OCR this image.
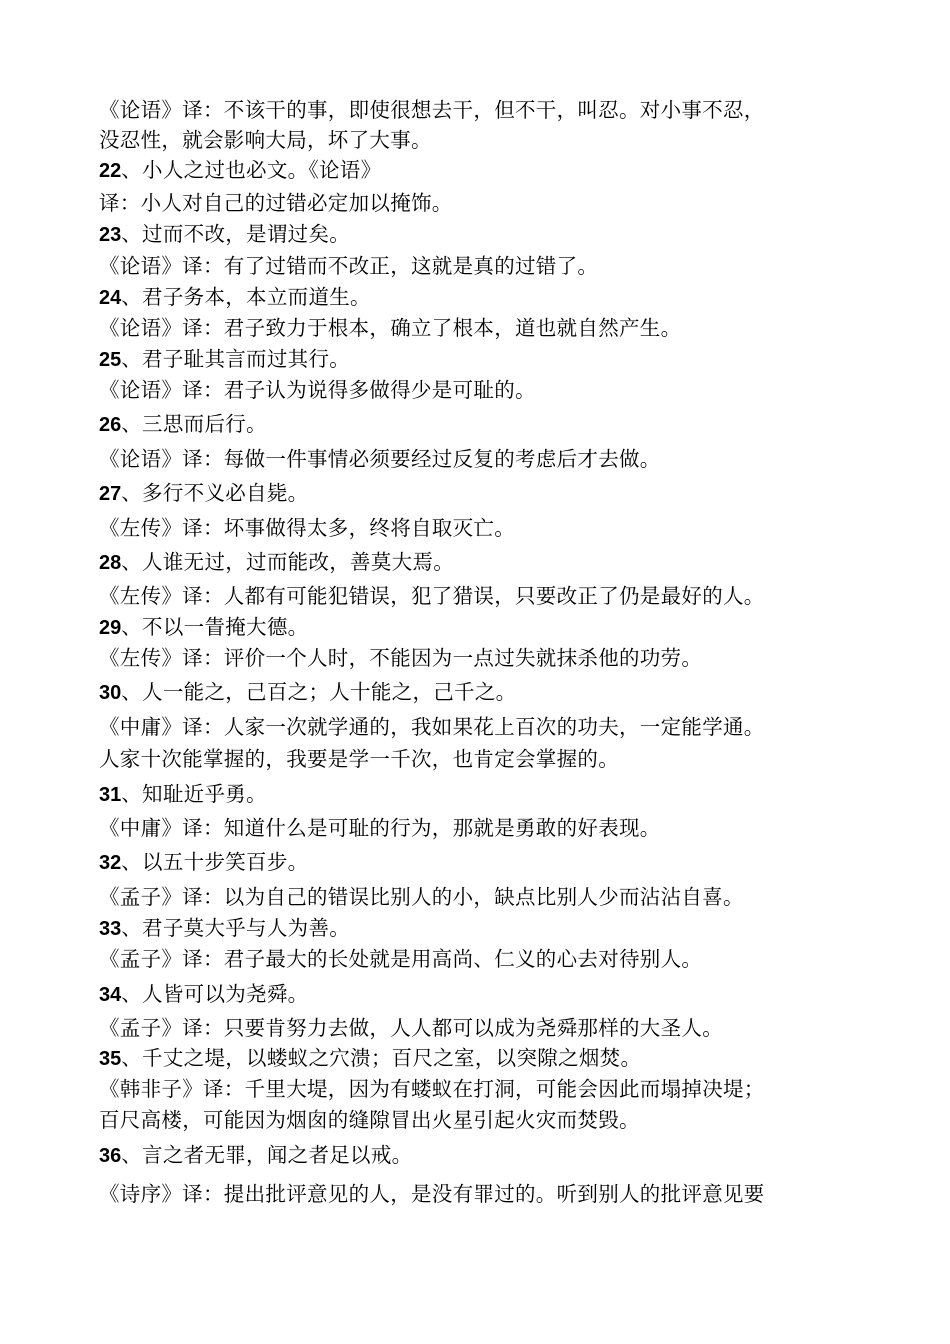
《论语》译：不该干的事，即使很想去干，但不干，叫忍。对小事不忍，
没忍性，就会影响大局，坏了大事。
22、小人之过也必文。《论语》
译：小人对自己的过错必定加以掩饰。
23、过而不改，是谓过矣。
《论语》译：有了过错而不改正，这就是真的过错了。
24、君子务本，本立而道生。
《论语》译：君子致力于根本，确立了根本，道也就自然产生。
25、君子耻其言而过其行。
《论语》译：君子认为说得多做得少是可耻的。
26、三思而后行。
《论语》译：每做一件事情必须要经过反复的考虑后才去做。
27、多行不义必自毙。
《左传》译：坏事做得太多，终将自取灭亡。
28、人谁无过，过而能改，善莫大焉。
《左传》译：人都有可能犯错误，犯了猎误，只要改正了仍是最好的人。
29、不以一眚掩大德。
《左传》译：评价一个人时，不能因为一点过失就抹杀他的功劳。
30、人一能之，己百之；人十能之，己千之。
《中庸》译：人家一次就学通的，我如果花上百次的功夫，一定能学通。
人家十次能掌握的，我要是学一千次，也肯定会掌握的。
31、知耻近乎勇。
《中庸》译：知道什么是可耻的行为，那就是勇敢的好表现。
32、以五十步笑百步。
《孟子》译：以为自己的错误比别人的小，缺点比别人少而沾沾自喜。
33、君子莫大乎与人为善。
《孟子》译：君子最大的长处就是用高尚、仁义的心去对待别人。
34、人皆可以为尧舜。
《孟子》译：只要肯努力去做，人人都可以成为尧舜那样的大圣人。
35、千丈之堤，以蝼蚁之穴溃；百尺之室，以突隙之烟焚。
《韩非子》译：千里大堤，因为有蝼蚁在打洞，可能会因此而塌掉决堤；
百尺高楼，可能因为烟囱的缝隙冒出火星引起火灾而焚毁。
36、言之者无罪，闻之者足以戒。
《诗序》译：提出批评意见的人，是没有罪过的。听到别人的批评意见要
